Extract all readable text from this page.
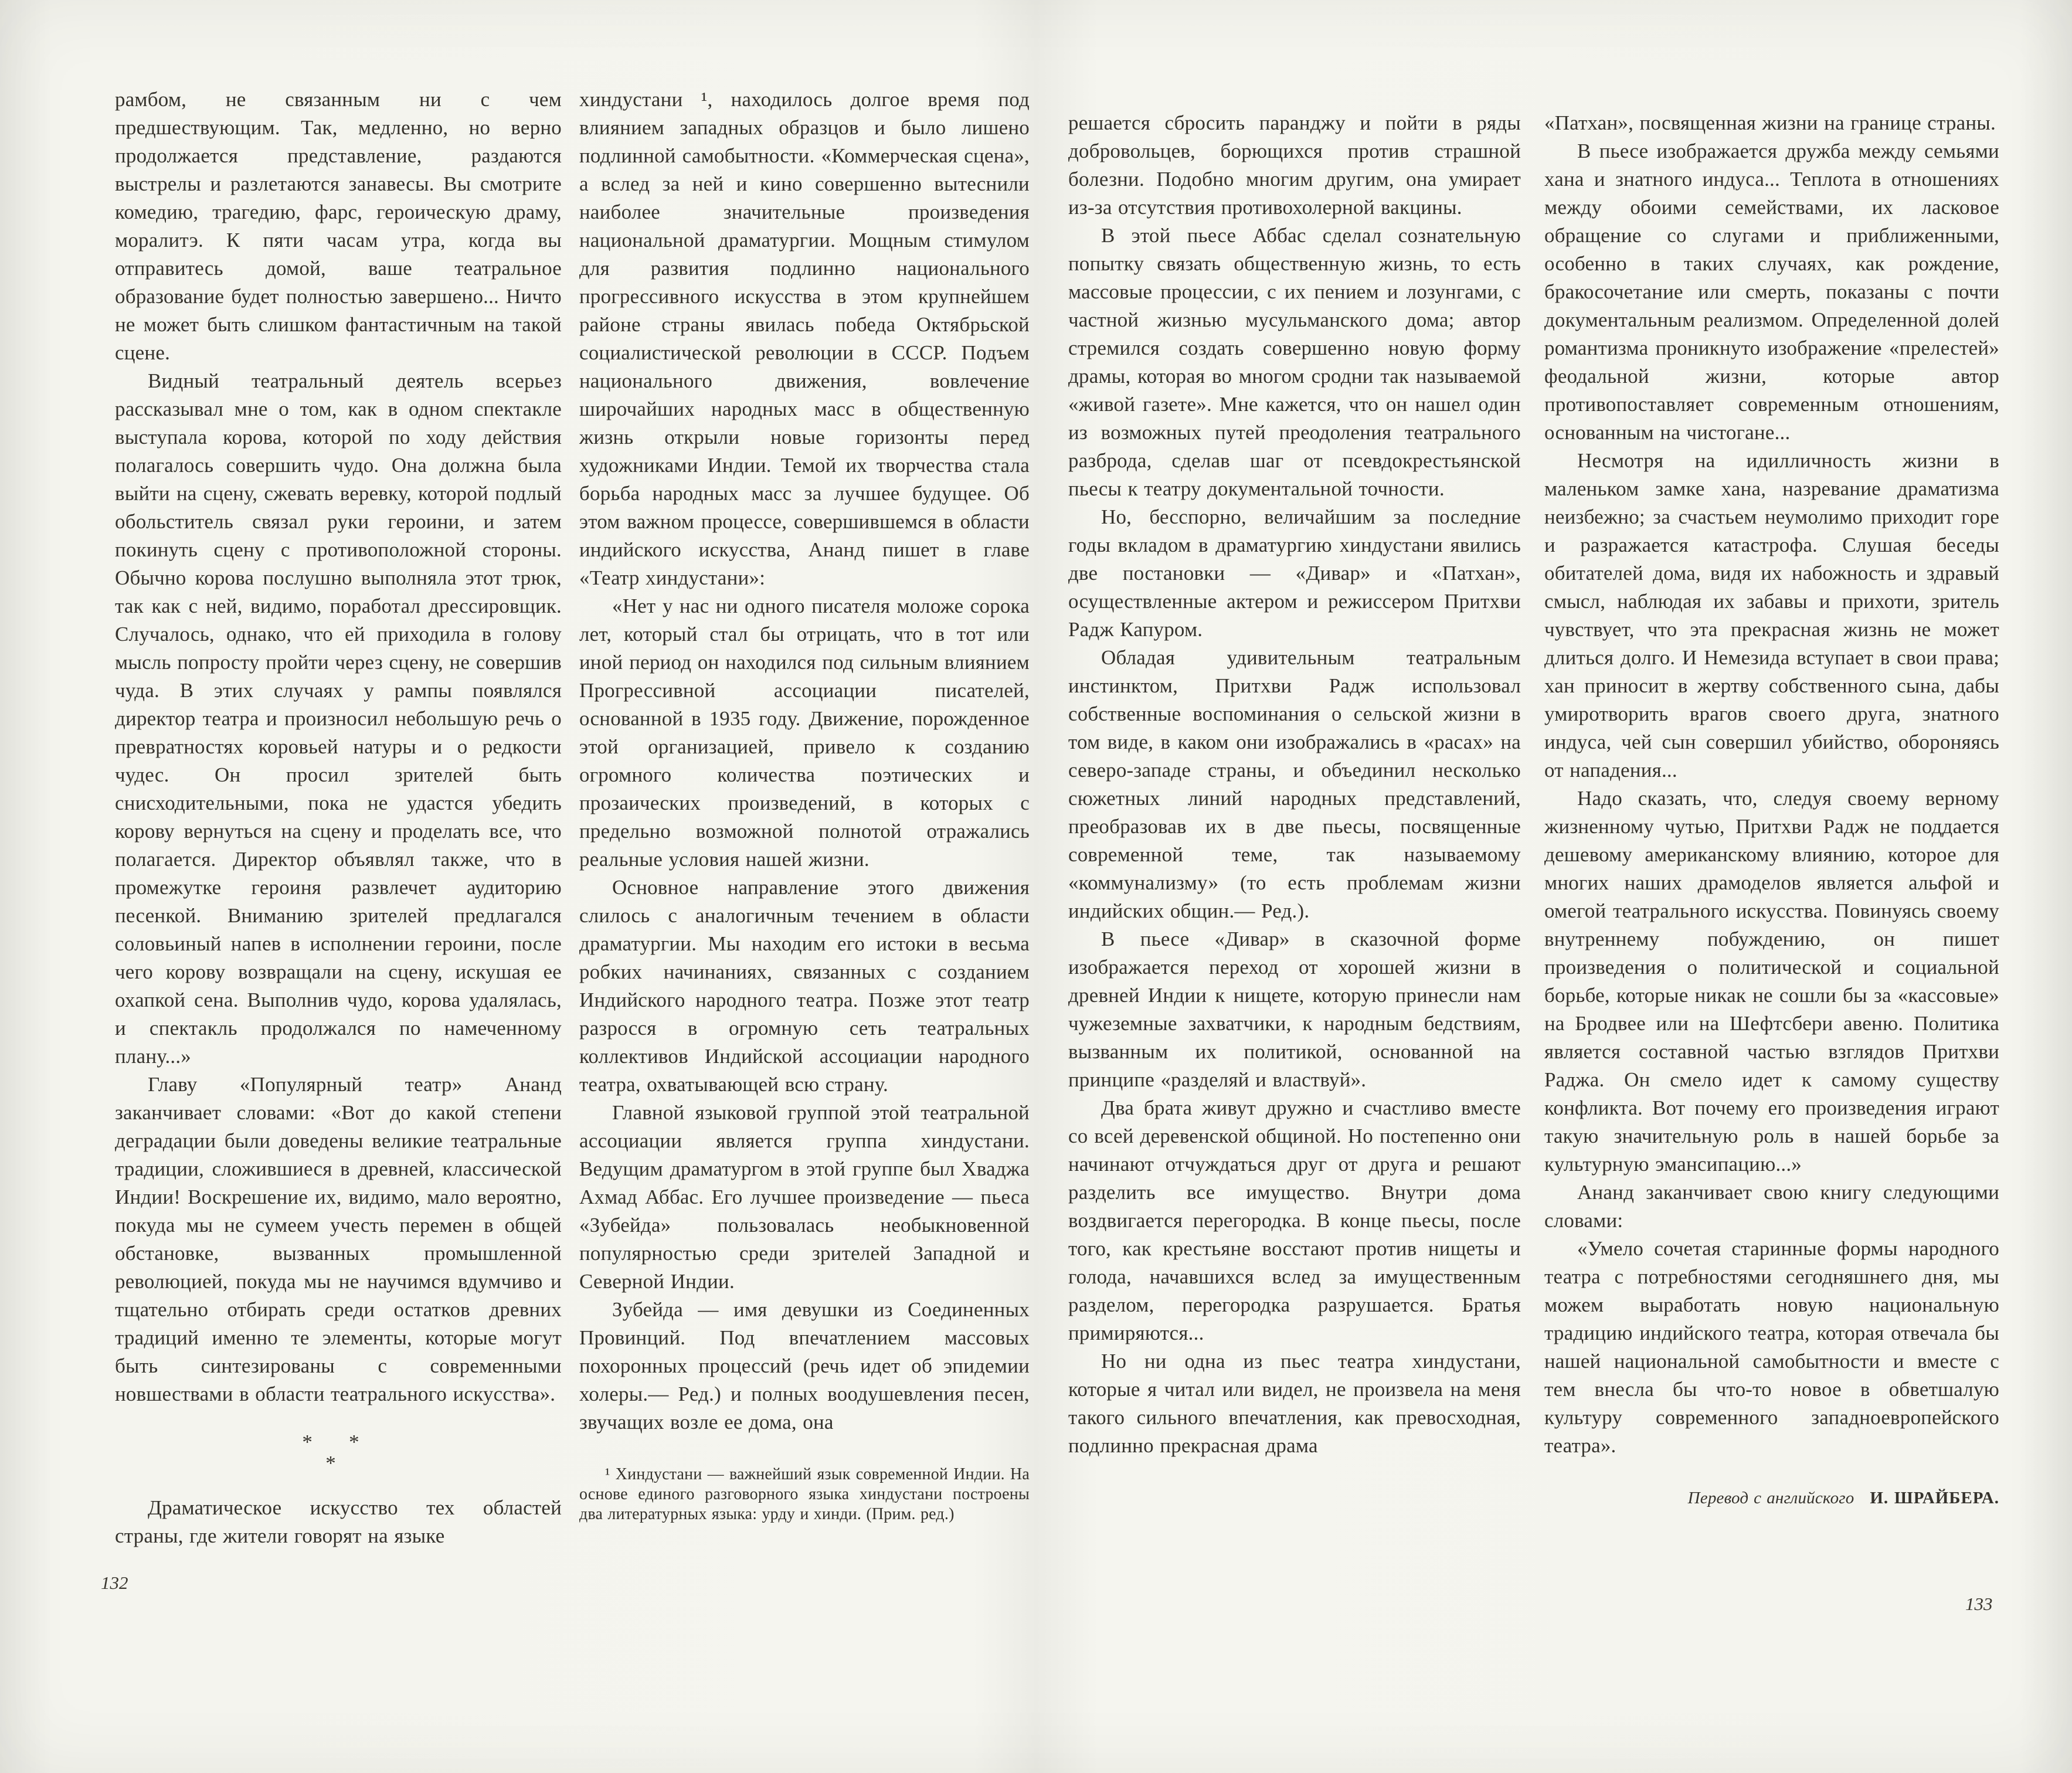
рамбом, не связанным ни с чем предшествующим. Так, медленно, но верно продолжается представление, раздаются выстрелы и разлетаются занавесы. Вы смотрите комедию, трагедию, фарс, героическую драму, моралитэ. К пяти часам утра, когда вы отправитесь домой, ваше театральное образование будет полностью завершено... Ничто не может быть слишком фантастичным на такой сцене.

Видный театральный деятель всерьез рассказывал мне о том, как в одном спектакле выступала корова, которой по ходу действия полагалось совершить чудо. Она должна была выйти на сцену, сжевать веревку, которой подлый обольститель связал руки героини, и затем покинуть сцену с противоположной стороны. Обычно корова послушно выполняла этот трюк, так как с ней, видимо, поработал дрессировщик. Случалось, однако, что ей приходила в голову мысль попросту пройти через сцену, не совершив чуда. В этих случаях у рампы появлялся директор театра и произносил небольшую речь о превратностях коровьей натуры и о редкости чудес. Он просил зрителей быть снисходительными, пока не удастся убедить корову вернуться на сцену и проделать все, что полагается. Директор объявлял также, что в промежутке героиня развлечет аудиторию песенкой. Вниманию зрителей предлагался соловьиный напев в исполнении героини, после чего корову возвращали на сцену, искушая ее охапкой сена. Выполнив чудо, корова удалялась, и спектакль продолжался по намеченному плану...»

Главу «Популярный театр» Ананд заканчивает словами: «Вот до какой степени деградации были доведены великие театральные традиции, сложившиеся в древней, классической Индии! Воскрешение их, видимо, мало вероятно, покуда мы не сумеем учесть перемен в общей обстановке, вызванных промышленной революцией, покуда мы не научимся вдумчиво и тщательно отбирать среди остатков древних традиций именно те элементы, которые могут быть синтезированы с современными новшествами в области театрального искусства».

* *
*

Драматическое искусство тех областей страны, где жители говорят на языке

хиндустани ¹, находилось долгое время под влиянием западных образцов и было лишено подлинной самобытности. «Коммерческая сцена», а вслед за ней и кино совершенно вытеснили наиболее значительные произведения национальной драматургии. Мощным стимулом для развития подлинно национального прогрессивного искусства в этом крупнейшем районе страны явилась победа Октябрьской социалистической революции в СССР. Подъем национального движения, вовлечение широчайших народных масс в общественную жизнь открыли новые горизонты перед художниками Индии. Темой их творчества стала борьба народных масс за лучшее будущее. Об этом важном процессе, совершившемся в области индийского искусства, Ананд пишет в главе «Театр хиндустани»:

«Нет у нас ни одного писателя моложе сорока лет, который стал бы отрицать, что в тот или иной период он находился под сильным влиянием Прогрессивной ассоциации писателей, основанной в 1935 году. Движение, порожденное этой организацией, привело к созданию огромного количества поэтических и прозаических произведений, в которых с предельно возможной полнотой отражались реальные условия нашей жизни.

Основное направление этого движения слилось с аналогичным течением в области драматургии. Мы находим его истоки в весьма робких начинаниях, связанных с созданием Индийского народного театра. Позже этот театр разросся в огромную сеть театральных коллективов Индийской ассоциации народного театра, охватывающей всю страну.

Главной языковой группой этой театральной ассоциации является группа хиндустани. Ведущим драматургом в этой группе был Хваджа Ахмад Аббас. Его лучшее произведение — пьеса «Зубейда» пользовалась необыкновенной популярностью среди зрителей Западной и Северной Индии.

Зубейда — имя девушки из Соединенных Провинций. Под впечатлением массовых похоронных процессий (речь идет об эпидемии холеры.— Ред.) и полных воодушевления песен, звучащих возле ее дома, она

¹ Хиндустани — важнейший язык современной Индии. На основе единого разговорного языка хиндустани построены два литературных языка: урду и хинди. (Прим. ред.)

решается сбросить паранджу и пойти в ряды добровольцев, борющихся против страшной болезни. Подобно многим другим, она умирает из-за отсутствия противохолерной вакцины.

В этой пьесе Аббас сделал сознательную попытку связать общественную жизнь, то есть массовые процессии, с их пением и лозунгами, с частной жизнью мусульманского дома; автор стремился создать совершенно новую форму драмы, которая во многом сродни так называемой «живой газете». Мне кажется, что он нашел один из возможных путей преодоления театрального разброда, сделав шаг от псевдокрестьянской пьесы к театру документальной точности.

Но, бесспорно, величайшим за последние годы вкладом в драматургию хиндустани явились две постановки — «Дивар» и «Патхан», осуществленные актером и режиссером Притхви Радж Капуром.

Обладая удивительным театральным инстинктом, Притхви Радж использовал собственные воспоминания о сельской жизни в том виде, в каком они изображались в «расах» на северо-западе страны, и объединил несколько сюжетных линий народных представлений, преобразовав их в две пьесы, посвященные современной теме, так называемому «коммунализму» (то есть проблемам жизни индийских общин.— Ред.).

В пьесе «Дивар» в сказочной форме изображается переход от хорошей жизни в древней Индии к нищете, которую принесли нам чужеземные захватчики, к народным бедствиям, вызванным их политикой, основанной на принципе «разделяй и властвуй».

Два брата живут дружно и счастливо вместе со всей деревенской общиной. Но постепенно они начинают отчуждаться друг от друга и решают разделить все имущество. Внутри дома воздвигается перегородка. В конце пьесы, после того, как крестьяне восстают против нищеты и голода, начавшихся вслед за имущественным разделом, перегородка разрушается. Братья примиряются...

Но ни одна из пьес театра хиндустани, которые я читал или видел, не произвела на меня такого сильного впечатления, как превосходная, подлинно прекрасная драма

«Патхан», посвященная жизни на границе страны.

В пьесе изображается дружба между семьями хана и знатного индуса... Теплота в отношениях между обоими семействами, их ласковое обращение со слугами и приближенными, особенно в таких случаях, как рождение, бракосочетание или смерть, показаны с почти документальным реализмом. Определенной долей романтизма проникнуто изображение «прелестей» феодальной жизни, которые автор противопоставляет современным отношениям, основанным на чистогане...

Несмотря на идилличность жизни в маленьком замке хана, назревание драматизма неизбежно; за счастьем неумолимо приходит горе и разражается катастрофа. Слушая беседы обитателей дома, видя их набожность и здравый смысл, наблюдая их забавы и прихоти, зритель чувствует, что эта прекрасная жизнь не может длиться долго. И Немезида вступает в свои права; хан приносит в жертву собственного сына, дабы умиротворить врагов своего друга, знатного индуса, чей сын совершил убийство, обороняясь от нападения...

Надо сказать, что, следуя своему верному жизненному чутью, Притхви Радж не поддается дешевому американскому влиянию, которое для многих наших драмоделов является альфой и омегой театрального искусства. Повинуясь своему внутреннему побуждению, он пишет произведения о политической и социальной борьбе, которые никак не сошли бы за «кассовые» на Бродвее или на Шефтсбери авеню. Политика является составной частью взглядов Притхви Раджа. Он смело идет к самому существу конфликта. Вот почему его произведения играют такую значительную роль в нашей борьбе за культурную эмансипацию...»

Ананд заканчивает свою книгу следующими словами:

«Умело сочетая старинные формы народного театра с потребностями сегодняшнего дня, мы можем выработать новую национальную традицию индийского театра, которая отвечала бы нашей национальной самобытности и вместе с тем внесла бы что-то новое в обветшалую культуру современного западноевропейского театра».

Перевод с английского И. ШРАЙБЕРА.
132
133
